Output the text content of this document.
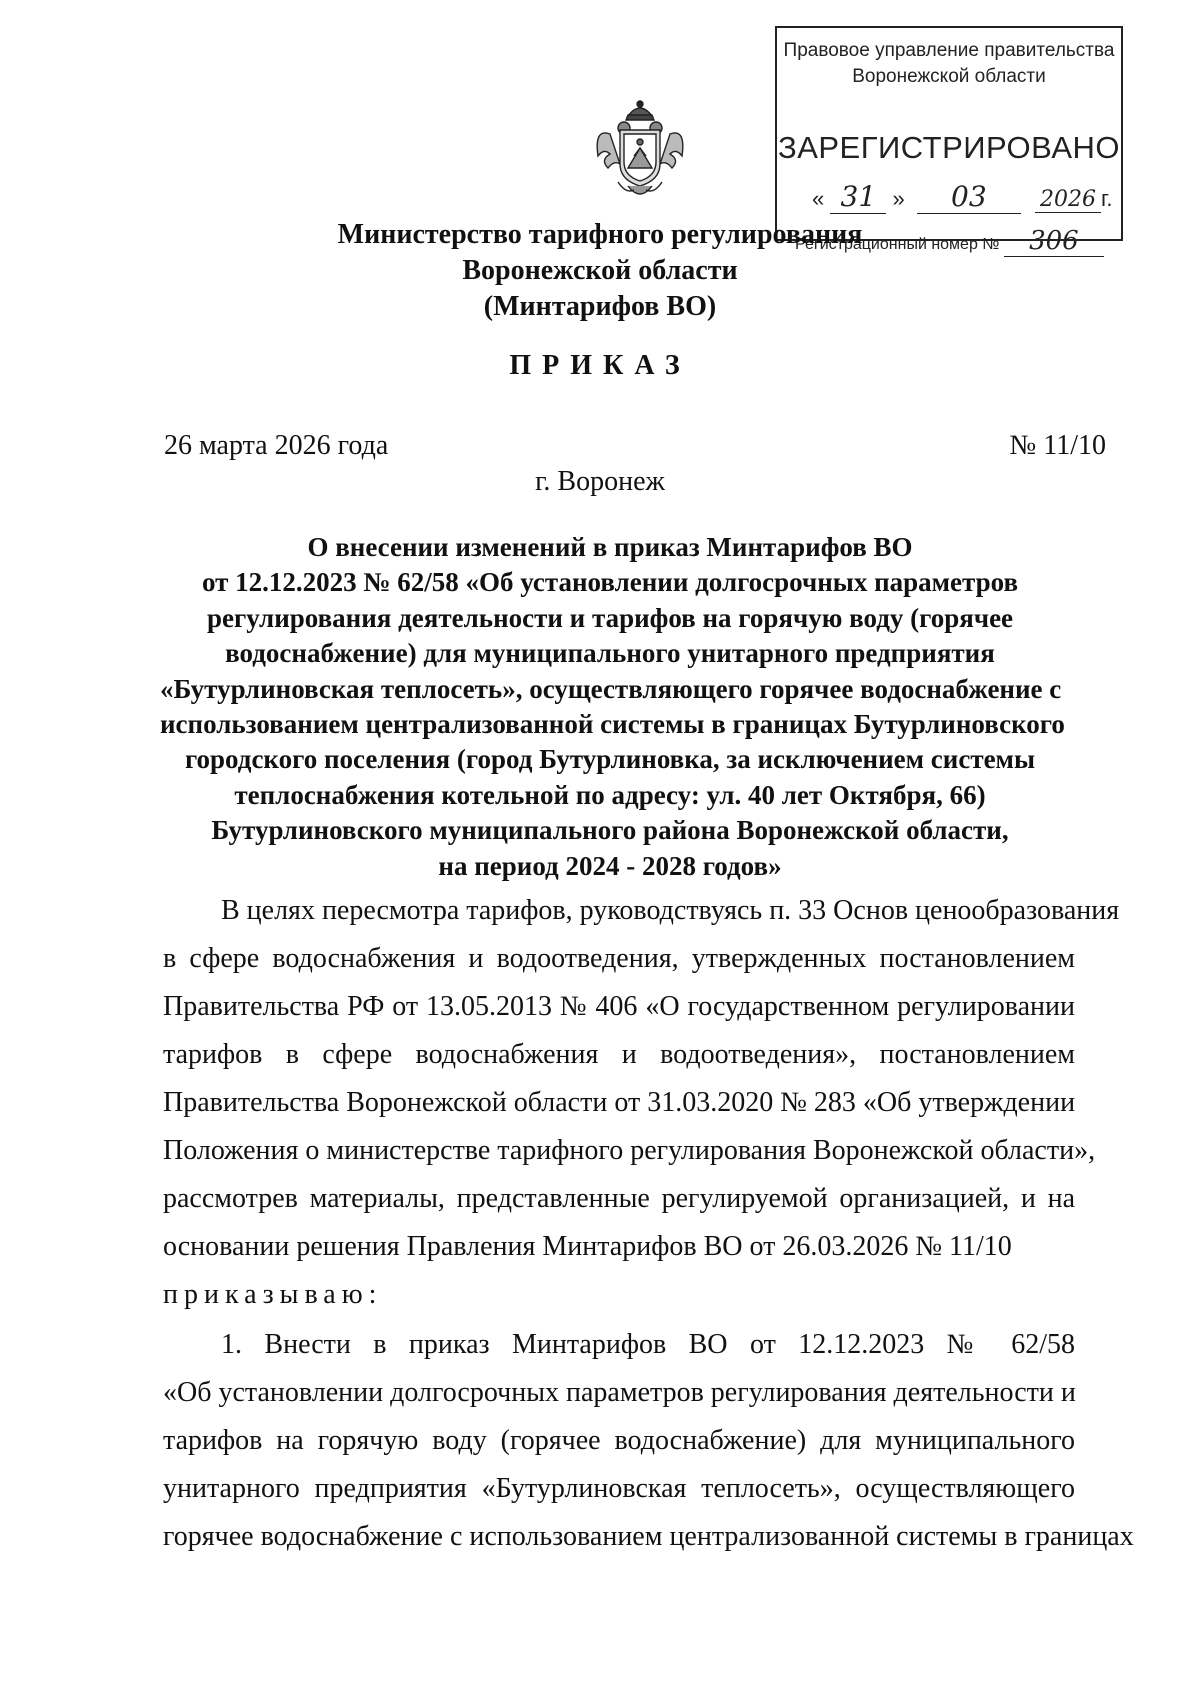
Правовое управление правительства
Воронежской области
ЗАРЕГИСТРИРОВАНО
« 31 » 03 2026 г.
Регистрационный номер № 306
Министерство тарифного регулирования
Воронежской области
(Минтарифов ВО)
ПРИКАЗ
26 марта 2026 года	№ 11/10
г. Воронеж
О внесении изменений в приказ Минтарифов ВО
от 12.12.2023 № 62/58 «Об установлении долгосрочных параметров
регулирования деятельности и тарифов на горячую воду (горячее
водоснабжение) для муниципального унитарного предприятия
«Бутурлиновская теплосеть», осуществляющего горячее водоснабжение с
использованием централизованной системы в границах Бутурлиновского
городского поселения (город Бутурлиновка, за исключением системы
теплоснабжения котельной по адресу: ул. 40 лет Октября, 66)
Бутурлиновского муниципального района Воронежской области,
на период 2024 - 2028 годов»
В целях пересмотра тарифов, руководствуясь п. 33 Основ ценообразования
в сфере водоснабжения и водоотведения, утвержденных постановлением
Правительства РФ от 13.05.2013 № 406 «О государственном регулировании
тарифов в сфере водоснабжения и водоотведения», постановлением
Правительства Воронежской области от 31.03.2020 № 283 «Об утверждении
Положения о министерстве тарифного регулирования Воронежской области»,
рассмотрев материалы, представленные регулируемой организацией, и на
основании решения Правления Минтарифов ВО от 26.03.2026 № 11/10
приказываю:
1. Внести в приказ Минтарифов ВО от 12.12.2023 № 62/58
«Об установлении долгосрочных параметров регулирования деятельности и
тарифов на горячую воду (горячее водоснабжение) для муниципального
унитарного предприятия «Бутурлиновская теплосеть», осуществляющего
горячее водоснабжение с использованием централизованной системы в границах
